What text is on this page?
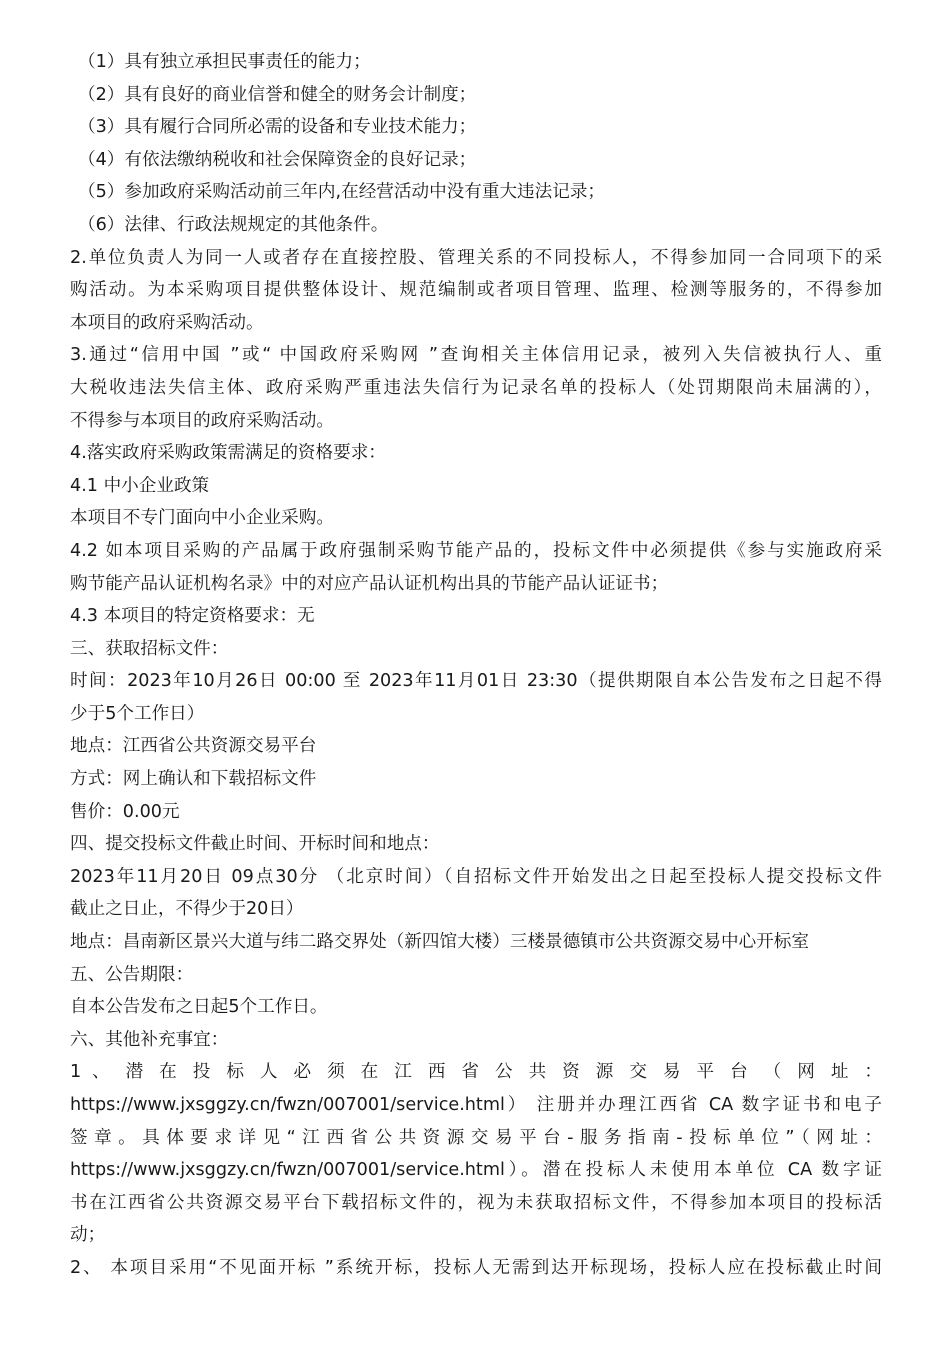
（1）具有独立承担民事责任的能力；
（2）具有良好的商业信誉和健全的财务会计制度；
（3）具有履行合同所必需的设备和专业技术能力；
（4）有依法缴纳税收和社会保障资金的良好记录；
（5）参加政府采购活动前三年内,在经营活动中没有重大违法记录；
（6）法律、行政法规规定的其他条件。
2.单位负责人为同一人或者存在直接控股、管理关系的不同投标人，不得参加同一合同项下的采
购活动。为本采购项目提供整体设计、规范编制或者项目管理、监理、检测等服务的，不得参加
本项目的政府采购活动。
3.通过“信用中国 ”或“ 中国政府采购网 ”查询相关主体信用记录，被列入失信被执行人、重
大税收违法失信主体、政府采购严重违法失信行为记录名单的投标人（处罚期限尚未届满的），
不得参与本项目的政府采购活动。
4.落实政府采购政策需满足的资格要求：
4.1 中小企业政策
本项目不专门面向中小企业采购。
4.2 如本项目采购的产品属于政府强制采购节能产品的，投标文件中必须提供《参与实施政府采
购节能产品认证机构名录》中的对应产品认证机构出具的节能产品认证证书；
4.3 本项目的特定资格要求：无
三、获取招标文件：
时间：2023年10月26日 00:00 至 2023年11月01日 23:30（提供期限自本公告发布之日起不得
少于5个工作日）
地点：江西省公共资源交易平台
方式：网上确认和下载招标文件
售价：0.00元
四、提交投标文件截止时间、开标时间和地点：
2023年11月20日 09点30分 （北京时间）（自招标文件开始发出之日起至投标人提交投标文件
截止之日止，不得少于20日）
地点：昌南新区景兴大道与纬二路交界处（新四馆大楼）三楼景德镇市公共资源交易中心开标室
五、公告期限：
自本公告发布之日起5个工作日。
六、其他补充事宜：
1 、 潜 在 投 标 人 必 须 在 江 西 省 公 共 资 源 交 易 平 台 （ 网 址 ：
https://www.jxsggzy.cn/fwzn/007001/service.html） 注册并办理江西省 CA 数字证书和电子
签章。具体要求详见“江西省公共资源交易平台-服务指南-投标单位”（网址：
https://www.jxsggzy.cn/fwzn/007001/service.html）。潜在投标人未使用本单位 CA 数字证
书在江西省公共资源交易平台下载招标文件的，视为未获取招标文件，不得参加本项目的投标活
动；
2、 本项目采用“不见面开标 ”系统开标，投标人无需到达开标现场，投标人应在投标截止时间
